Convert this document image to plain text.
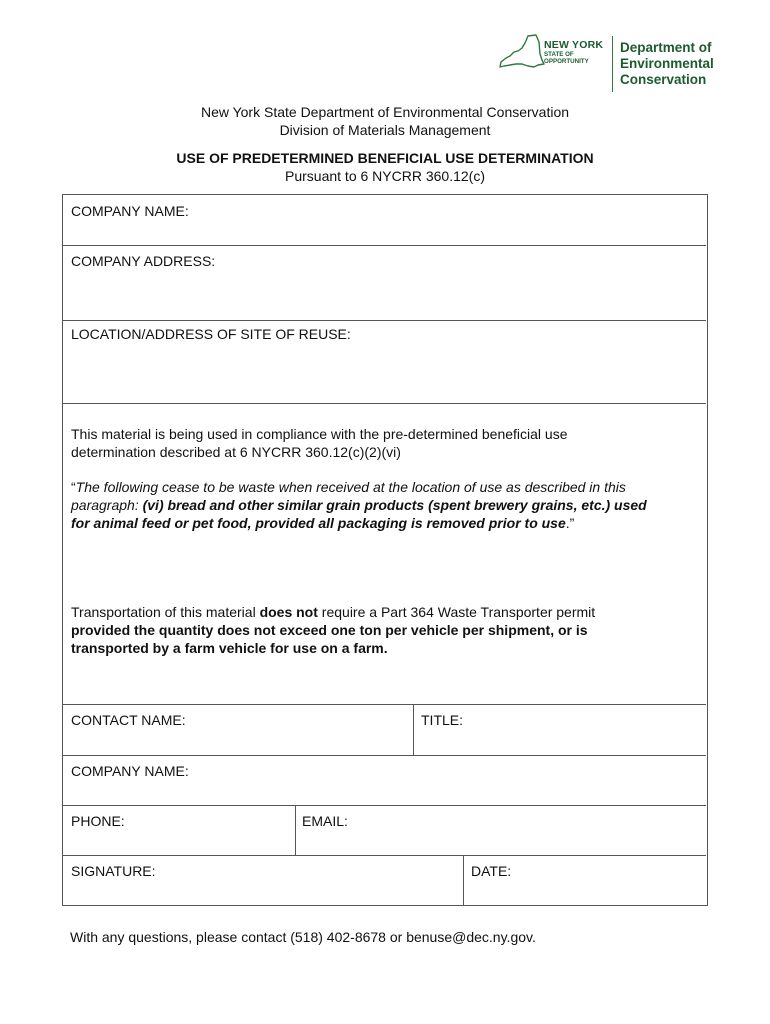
NEW YORK
STATE OF
OPPORTUNITY
Department of
Environmental
Conservation
New York State Department of Environmental Conservation
Division of Materials Management
USE OF PREDETERMINED BENEFICIAL USE DETERMINATION
Pursuant to 6 NYCRR 360.12(c)
COMPANY NAME:
COMPANY ADDRESS:
LOCATION/ADDRESS OF SITE OF REUSE:
This material is being used in compliance with the pre-determined beneficial use
determination described at 6 NYCRR 360.12(c)(2)(vi)
“The following cease to be waste when received at the location of use as described in this
paragraph: (vi) bread and other similar grain products (spent brewery grains, etc.) used
for animal feed or pet food, provided all packaging is removed prior to use.”
Transportation of this material does not require a Part 364 Waste Transporter permit
provided the quantity does not exceed one ton per vehicle per shipment, or is
transported by a farm vehicle for use on a farm.
CONTACT NAME:	TITLE:
COMPANY NAME:
PHONE:	EMAIL:
SIGNATURE:	DATE:
With any questions, please contact (518) 402-8678 or benuse@dec.ny.gov.
